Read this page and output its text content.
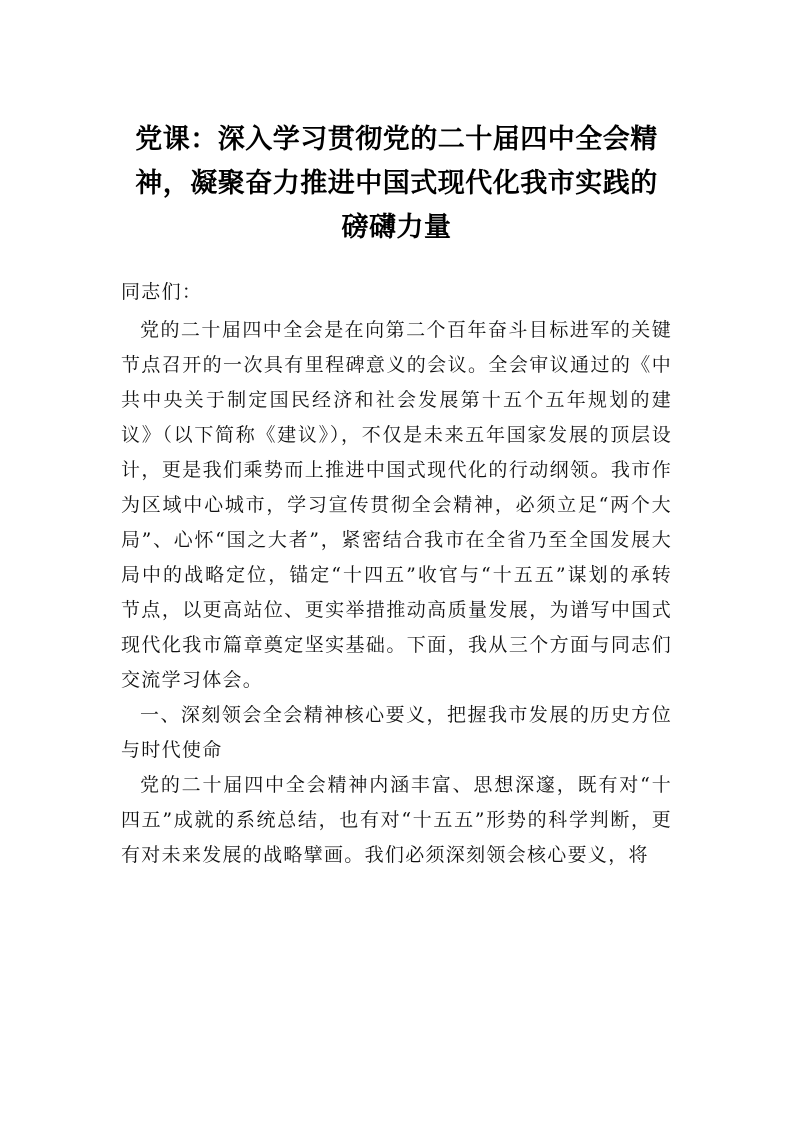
党课：深入学习贯彻党的二十届四中全会精
神，凝聚奋力推进中国式现代化我市实践的
磅礴力量

同志们：

党的二十届四中全会是在向第二个百年奋斗目标进军的关键节点召开的一次具有里程碑意义的会议。全会审议通过的《中共中央关于制定国民经济和社会发展第十五个五年规划的建议》（以下简称《建议》），不仅是未来五年国家发展的顶层设计，更是我们乘势而上推进中国式现代化的行动纲领。我市作为区域中心城市，学习宣传贯彻全会精神，必须立足“两个大局”、心怀“国之大者”，紧密结合我市在全省乃至全国发展大局中的战略定位，锚定“十四五”收官与“十五五”谋划的承转节点，以更高站位、更实举措推动高质量发展，为谱写中国式现代化我市篇章奠定坚实基础。下面，我从三个方面与同志们交流学习体会。

一、深刻领会全会精神核心要义，把握我市发展的历史方位与时代使命

党的二十届四中全会精神内涵丰富、思想深邃，既有对“十四五”成就的系统总结，也有对“十五五”形势的科学判断，更有对未来发展的战略擘画。我们必须深刻领会核心要义，将
